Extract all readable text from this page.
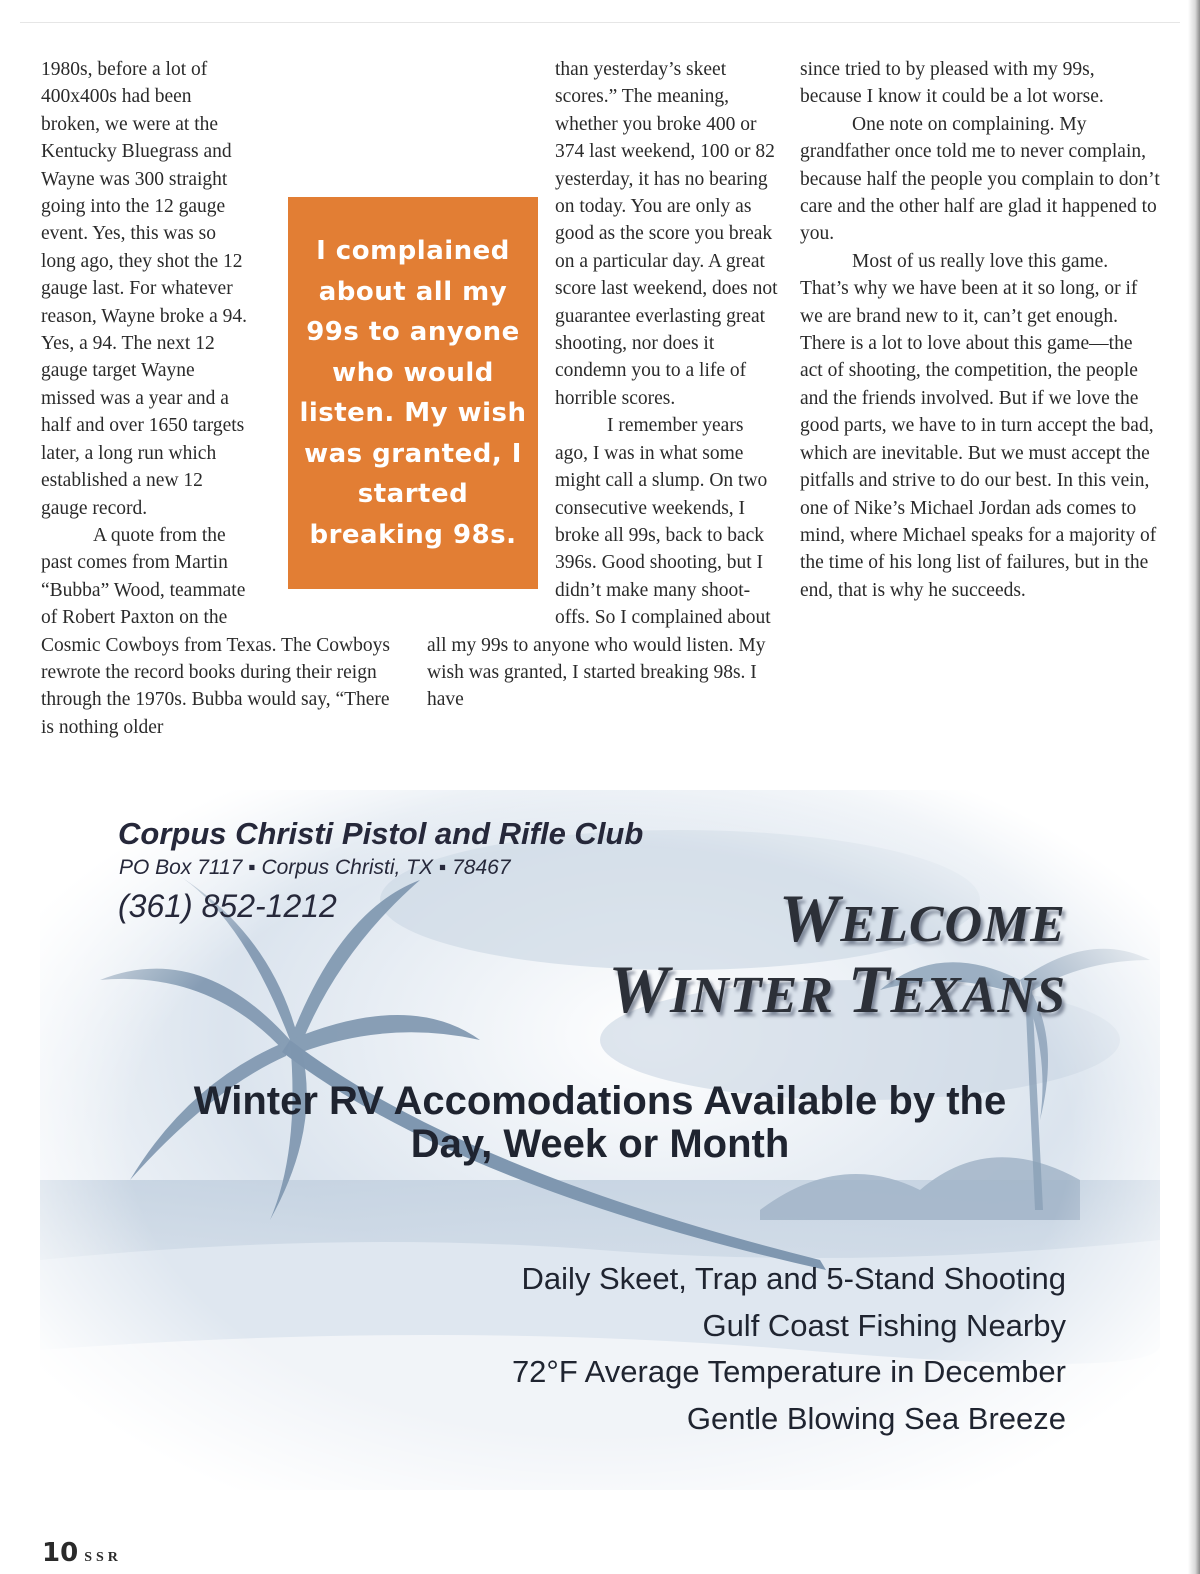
1980s, before a lot of 400x400s had been broken, we were at the Kentucky Bluegrass and Wayne was 300 straight going into the 12 gauge event. Yes, this was so long ago, they shot the 12 gauge last. For whatever reason, Wayne broke a 94. Yes, a 94. The next 12 gauge target Wayne missed was a year and a half and over 1650 targets later, a long run which established a new 12 gauge record.

A quote from the past comes from Martin “Bubba” Wood, teammate of Robert Paxton on the Cosmic Cowboys from Texas. The Cowboys rewrote the record books during their reign through the 1970s. Bubba would say, “There is nothing older

than yesterday’s skeet scores.” The meaning, whether you broke 400 or 374 last weekend, 100 or 82 yesterday, it has no bearing on today. You are only as good as the score you break on a particular day. A great score last weekend, does not guarantee everlasting great shooting, nor does it condemn you to a life of horrible scores.

I remember years ago, I was in what some might call a slump. On two consecutive weekends, I broke all 99s, back to back 396s. Good shooting, but I didn’t make many shoot-offs. So I complained about all my 99s to anyone who would listen. My wish was granted, I started breaking 98s. I have

since tried to by pleased with my 99s, because I know it could be a lot worse.

One note on complaining. My grandfather once told me to never complain, because half the people you complain to don’t care and the other half are glad it happened to you.

Most of us really love this game. That’s why we have been at it so long, or if we are brand new to it, can’t get enough. There is a lot to love about this game—the act of shooting, the competition, the people and the friends involved. But if we love the good parts, we have to in turn accept the bad, which are inevitable. But we must accept the pitfalls and strive to do our best. In this vein, one of Nike’s Michael Jordan ads comes to mind, where Michael speaks for a majority of the time of his long list of failures, but in the end, that is why he succeeds.

I complained about all my 99s to anyone who would listen. My wish was granted, I started breaking 98s.
Corpus Christi Pistol and Rifle Club
PO Box 7117 ▪ Corpus Christi, TX ▪ 78467
(361) 852-1212	WELCOME
WINTER TEXANS
Winter RV Accomodations Available by the
Day, Week or Month
Daily Skeet, Trap and 5-Stand Shooting
Gulf Coast Fishing Nearby
72°F Average Temperature in December
Gentle Blowing Sea Breeze
10 SSR
